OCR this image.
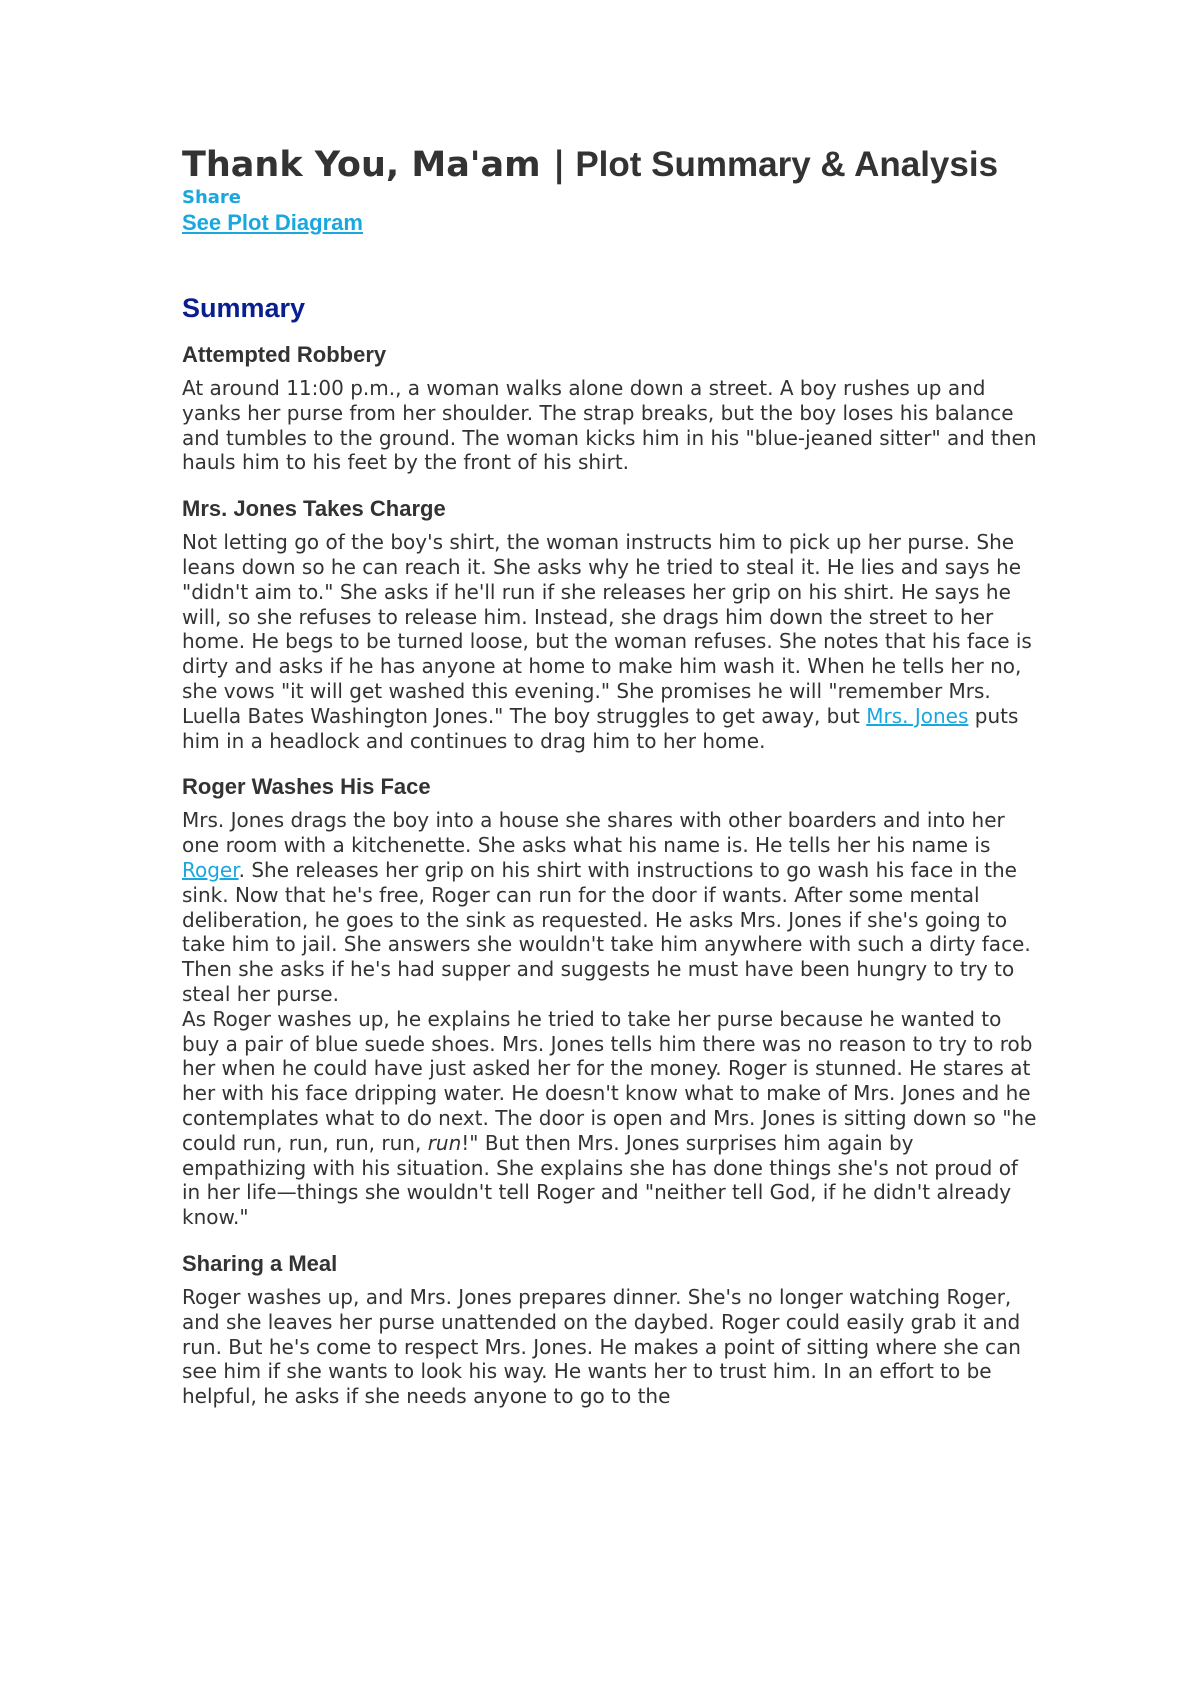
Thank You, Ma'am | Plot Summary & Analysis
Share
See Plot Diagram
Summary
Attempted Robbery

At around 11:00 p.m., a woman walks alone down a street. A boy rushes up and yanks her purse from her shoulder. The strap breaks, but the boy loses his balance and tumbles to the ground. The woman kicks him in his "blue-jeaned sitter" and then hauls him to his feet by the front of his shirt.

Mrs. Jones Takes Charge

Not letting go of the boy's shirt, the woman instructs him to pick up her purse. She leans down so he can reach it. She asks why he tried to steal it. He lies and says he "didn't aim to." She asks if he'll run if she releases her grip on his shirt. He says he will, so she refuses to release him. Instead, she drags him down the street to her home. He begs to be turned loose, but the woman refuses. She notes that his face is dirty and asks if he has anyone at home to make him wash it. When he tells her no, she vows "it will get washed this evening." She promises he will "remember Mrs. Luella Bates Washington Jones." The boy struggles to get away, but Mrs. Jones puts him in a headlock and continues to drag him to her home.

Roger Washes His Face

Mrs. Jones drags the boy into a house she shares with other boarders and into her one room with a kitchenette. She asks what his name is. He tells her his name is Roger. She releases her grip on his shirt with instructions to go wash his face in the sink. Now that he's free, Roger can run for the door if wants. After some mental deliberation, he goes to the sink as requested. He asks Mrs. Jones if she's going to take him to jail. She answers she wouldn't take him anywhere with such a dirty face. Then she asks if he's had supper and suggests he must have been hungry to try to steal her purse.

As Roger washes up, he explains he tried to take her purse because he wanted to buy a pair of blue suede shoes. Mrs. Jones tells him there was no reason to try to rob her when he could have just asked her for the money. Roger is stunned. He stares at her with his face dripping water. He doesn't know what to make of Mrs. Jones and he contemplates what to do next. The door is open and Mrs. Jones is sitting down so "he could run, run, run, run, run!" But then Mrs. Jones surprises him again by empathizing with his situation. She explains she has done things she's not proud of in her life—things she wouldn't tell Roger and "neither tell God, if he didn't already know."

Sharing a Meal

Roger washes up, and Mrs. Jones prepares dinner. She's no longer watching Roger, and she leaves her purse unattended on the daybed. Roger could easily grab it and run. But he's come to respect Mrs. Jones. He makes a point of sitting where she can see him if she wants to look his way. He wants her to trust him. In an effort to be helpful, he asks if she needs anyone to go to the
